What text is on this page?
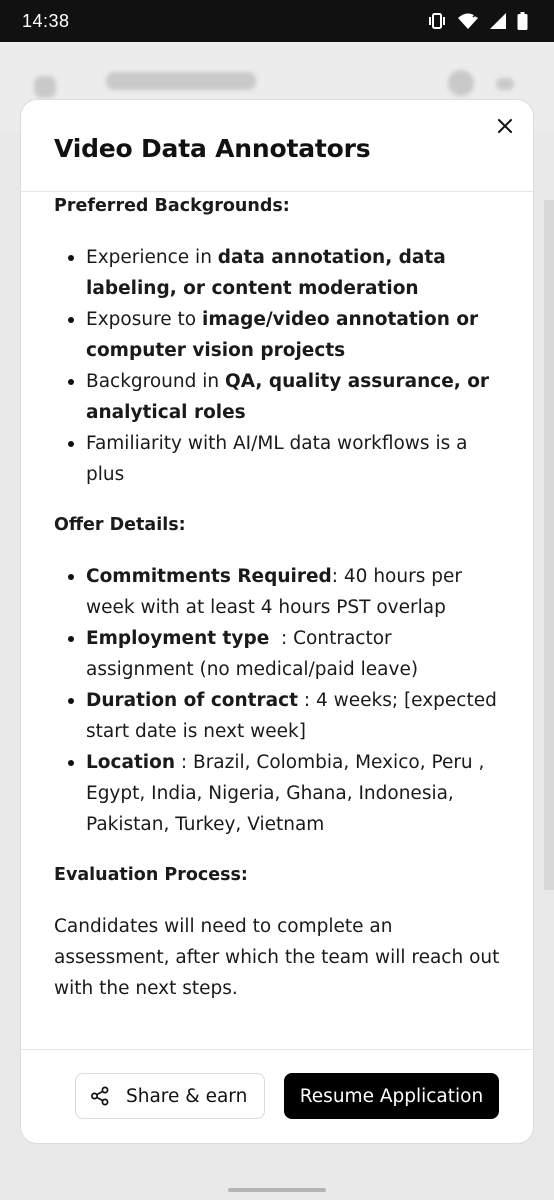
14:38
Video Data Annotators

Preferred Backgrounds:

Experience in data annotation, data labeling, or content moderation
Exposure to image/video annotation or computer vision projects
Background in QA, quality assurance, or analytical roles
Familiarity with AI/ML data workflows is a plus

Offer Details:

Commitments Required: 40 hours per week with at least 4 hours PST overlap
Employment type  : Contractor assignment (no medical/paid leave)
Duration of contract : 4 weeks; [expected start date is next week]
Location : Brazil, Colombia, Mexico, Peru , Egypt, India, Nigeria, Ghana, Indonesia, Pakistan, Turkey, Vietnam

Evaluation Process:

Candidates will need to complete an assessment, after which the team will reach out with the next steps.

Share & earn	Resume Application
